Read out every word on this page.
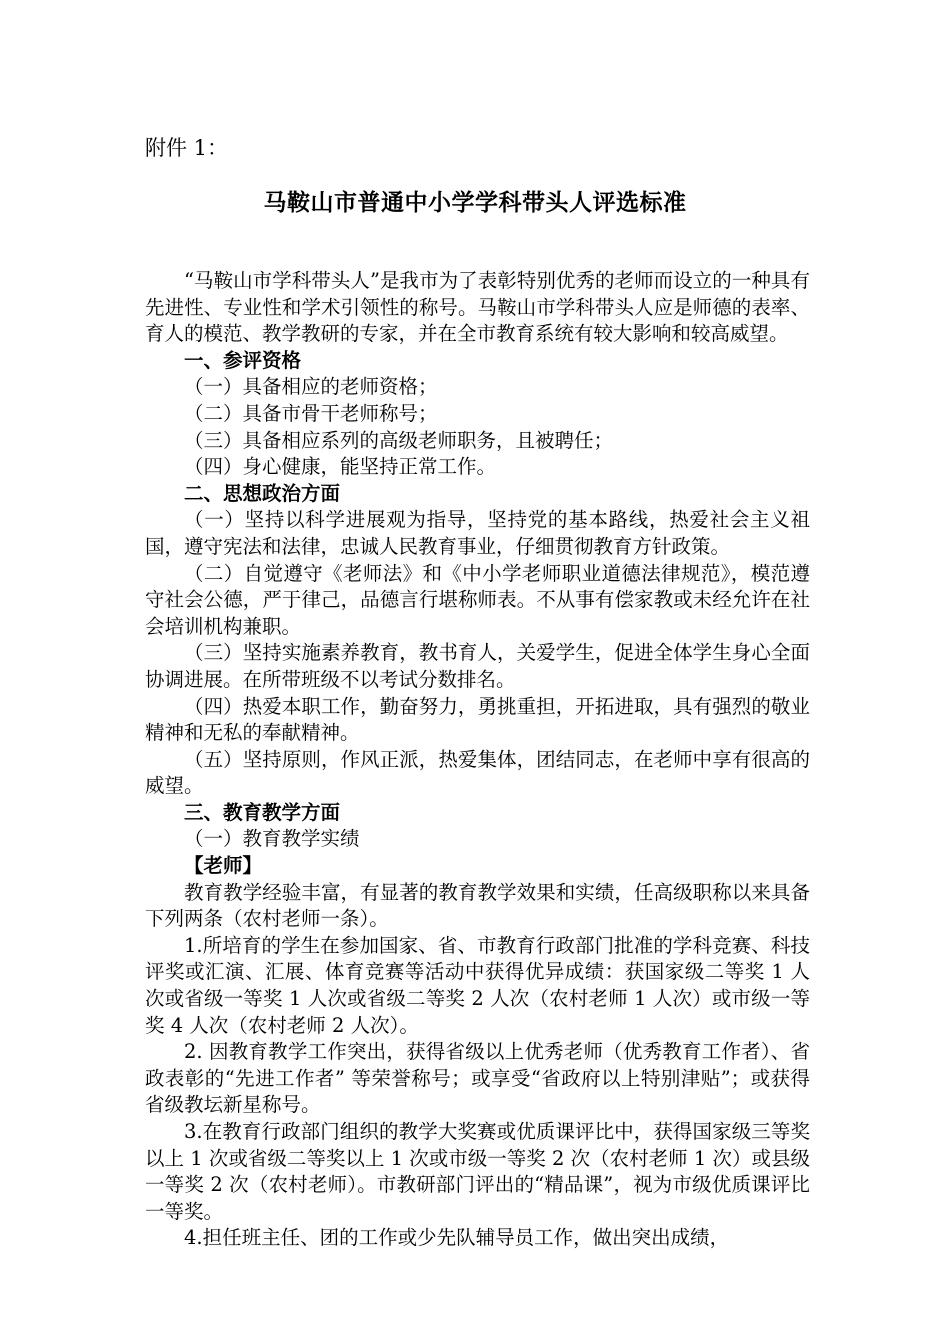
附件 1：
马鞍山市普通中小学学科带头人评选标准

“马鞍山市学科带头人”是我市为了表彰特别优秀的老师而设立的一种具有先进性、专业性和学术引领性的称号。马鞍山市学科带头人应是师德的表率、育人的模范、教学教研的专家，并在全市教育系统有较大影响和较高威望。

一、参评资格

（一）具备相应的老师资格；

（二）具备市骨干老师称号；

（三）具备相应系列的高级老师职务，且被聘任；

（四）身心健康，能坚持正常工作。

二、思想政治方面

（一）坚持以科学进展观为指导，坚持党的基本路线，热爱社会主义祖国，遵守宪法和法律，忠诚人民教育事业，仔细贯彻教育方针政策。

（二）自觉遵守《老师法》和《中小学老师职业道德法律规范》，模范遵守社会公德，严于律己，品德言行堪称师表。不从事有偿家教或未经允许在社会培训机构兼职。

（三）坚持实施素养教育，教书育人，关爱学生，促进全体学生身心全面协调进展。在所带班级不以考试分数排名。

（四）热爱本职工作，勤奋努力，勇挑重担，开拓进取，具有强烈的敬业精神和无私的奉献精神。

（五）坚持原则，作风正派，热爱集体，团结同志，在老师中享有很高的威望。

三、教育教学方面

（一）教育教学实绩

【老师】

教育教学经验丰富，有显著的教育教学效果和实绩，任高级职称以来具备下列两条（农村老师一条）。

1.所培育的学生在参加国家、省、市教育行政部门批准的学科竞赛、科技评奖或汇演、汇展、体育竞赛等活动中获得优异成绩：获国家级二等奖 1 人次或省级一等奖 1 人次或省级二等奖 2 人次（农村老师 1 人次）或市级一等奖 4 人次（农村老师 2 人次）。

2. 因教育教学工作突出，获得省级以上优秀老师（优秀教育工作者）、省政表彰的“先进工作者” 等荣誉称号；或享受“省政府以上特别津贴”；或获得省级教坛新星称号。

3.在教育行政部门组织的教学大奖赛或优质课评比中，获得国家级三等奖以上 1 次或省级二等奖以上 1 次或市级一等奖 2 次（农村老师 1 次）或县级一等奖 2 次（农村老师）。市教研部门评出的“精品课”，视为市级优质课评比一等奖。

4.担任班主任、团的工作或少先队辅导员工作，做出突出成绩，
